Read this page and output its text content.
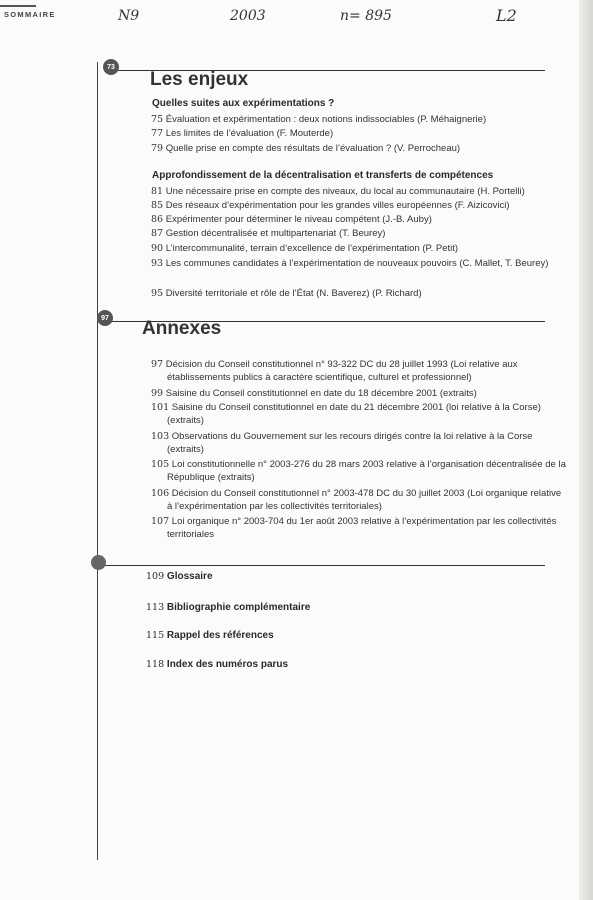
SOMMAIRE	N9	2003	n= 895	L2
73
Les enjeux

Quelles suites aux expérimentations ?

75 Évaluation et expérimentation : deux notions indissociables (P. Méhaignerie)

77 Les limites de l’évaluation (F. Mouterde)

79 Quelle prise en compte des résultats de l’évaluation ? (V. Perrocheau)

Approfondissement de la décentralisation et transferts de compétences

81 Une nécessaire prise en compte des niveaux, du local au communautaire (H. Portelli)

85 Des réseaux d’expérimentation pour les grandes villes européennes (F. Aizicovici)

86 Expérimenter pour déterminer le niveau compétent (J.-B. Auby)

87 Gestion décentralisée et multipartenariat (T. Beurey)

90 L’intercommunalité, terrain d’excellence de l’expérimentation (P. Petit)

93 Les communes candidates à l’expérimentation de nouveaux pouvoirs (C. Mallet, T. Beurey)

95 Diversité territoriale et rôle de l’État (N. Baverez) (P. Richard)

97 Annexes

97 Décision du Conseil constitutionnel n° 93-322 DC du 28 juillet 1993 (Loi relative aux établissements publics à caractère scientifique, culturel et professionnel)

99 Saisine du Conseil constitutionnel en date du 18 décembre 2001 (extraits)

101 Saisine du Conseil constitutionnel en date du 21 décembre 2001 (loi relative à la Corse) (extraits)

103 Observations du Gouvernement sur les recours dirigés contre la loi relative à la Corse (extraits)

105 Loi constitutionnelle n° 2003-276 du 28 mars 2003 relative à l’organisation décentralisée de la République (extraits)

106 Décision du Conseil constitutionnel n° 2003-478 DC du 30 juillet 2003 (Loi organique relative à l’expérimentation par les collectivités territoriales)

107 Loi organique n° 2003-704 du 1er août 2003 relative à l’expérimentation par les collectivités territoriales

109 Glossaire
113 Bibliographie complémentaire
115 Rappel des références
118 Index des numéros parus
